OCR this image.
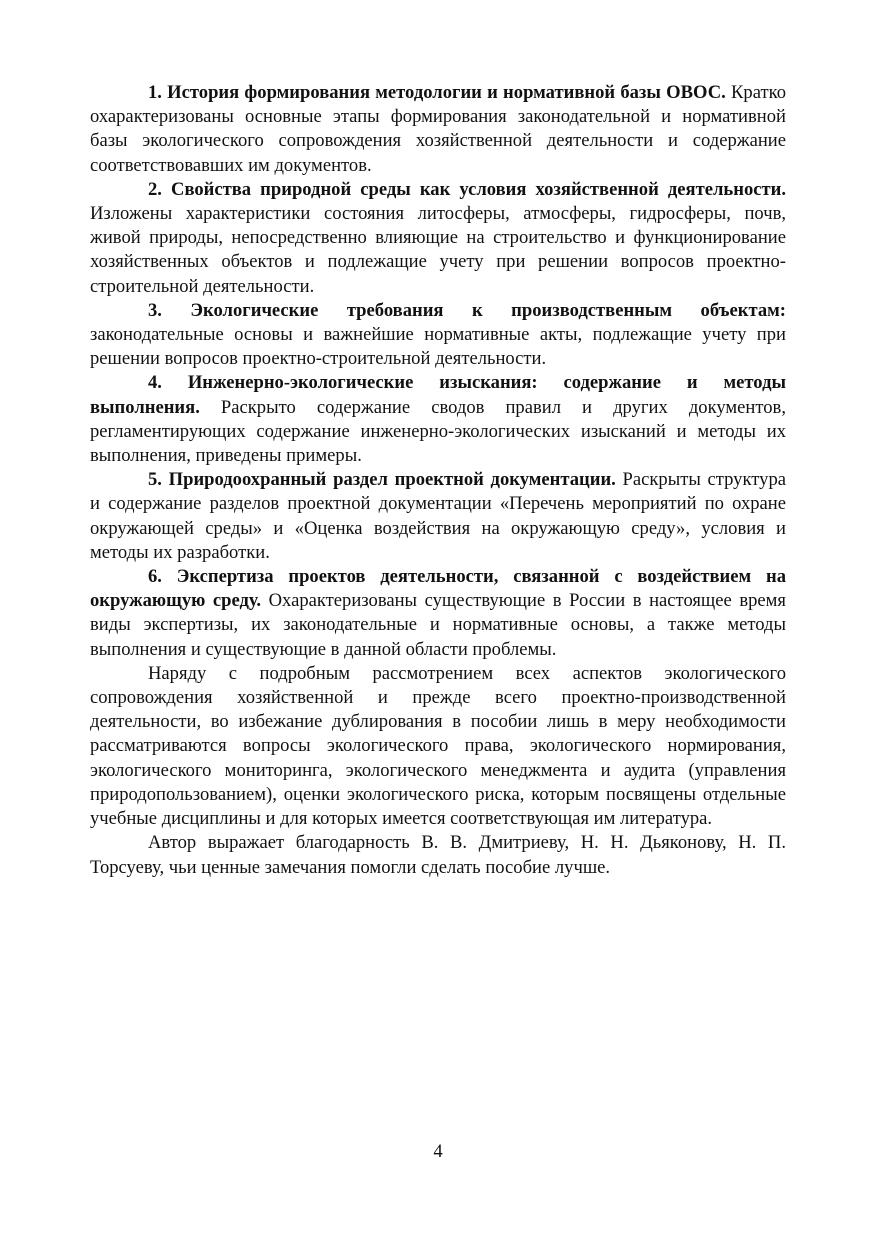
1. История формирования методологии и нормативной базы ОВОС. Кратко охарактеризованы основные этапы формирования законодательной и нормативной базы экологического сопровождения хозяйственной деятельности и содержание соответствовавших им документов.

2. Свойства природной среды как условия хозяйственной деятельности. Изложены характеристики состояния литосферы, атмосферы, гидросферы, почв, живой природы, непосредственно влияющие на строительство и функционирование хозяйственных объектов и подлежащие учету при решении вопросов проектно-строительной деятельности.

3. Экологические требования к производственным объектам: законодательные основы и важнейшие нормативные акты, подлежащие учету при решении вопросов проектно-строительной деятельности.

4. Инженерно-экологические изыскания: содержание и методы выполнения. Раскрыто содержание сводов правил и других документов, регламентирующих содержание инженерно-экологических изысканий и методы их выполнения, приведены примеры.

5. Природоохранный раздел проектной документации. Раскрыты структура и содержание разделов проектной документации «Перечень мероприятий по охране окружающей среды» и «Оценка воздействия на окружающую среду», условия и методы их разработки.

6. Экспертиза проектов деятельности, связанной с воздействием на окружающую среду. Охарактеризованы существующие в России в настоящее время виды экспертизы, их законодательные и нормативные основы, а также методы выполнения и существующие в данной области проблемы.

Наряду с подробным рассмотрением всех аспектов экологического сопровождения хозяйственной и прежде всего проектно-производственной деятельности, во избежание дублирования в пособии лишь в меру необходимости рассматриваются вопросы экологического права, экологического нормирования, экологического мониторинга, экологического менеджмента и аудита (управления природопользованием), оценки экологического риска, которым посвящены отдельные учебные дисциплины и для которых имеется соответствующая им литература.

Автор выражает благодарность В. В. Дмитриеву, Н. Н. Дьяконову, Н. П. Торсуеву, чьи ценные замечания помогли сделать пособие лучше.

4
